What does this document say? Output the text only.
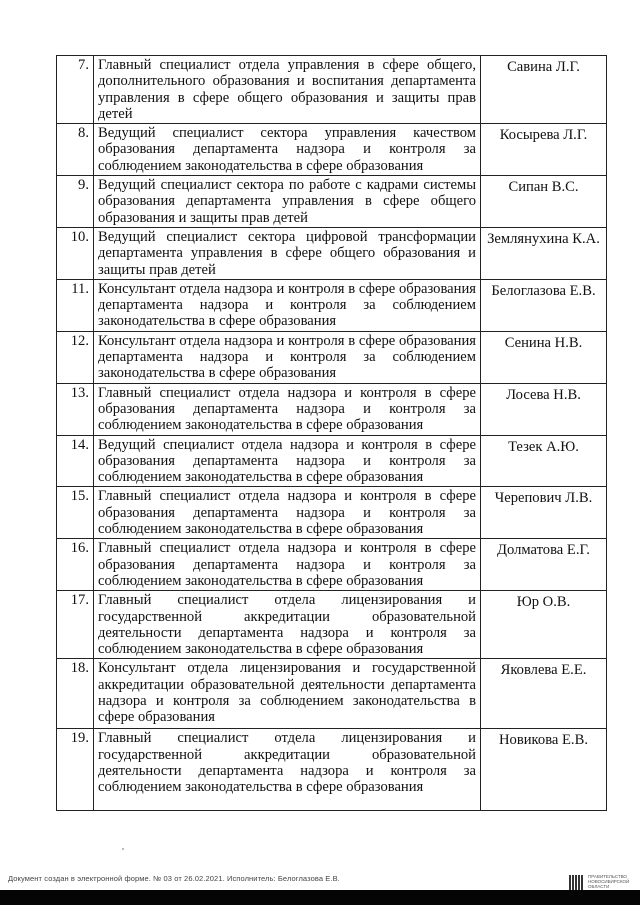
7.	Главный специалист отдела управления в сфере общего, дополнительного образования и воспитания департамента управления в сфере общего образования и защиты прав детей	Савина Л.Г.
8.	Ведущий специалист сектора управления качеством образования департамента надзора и контроля за соблюдением законодательства в сфере образования	Косырева Л.Г.
9.	Ведущий специалист сектора по работе с кадрами системы образования департамента управления в сфере общего образования и защиты прав детей	Сипан В.С.
10.	Ведущий специалист сектора цифровой трансформации департамента управления в сфере общего образования и защиты прав детей	Землянухина К.А.
11.	Консультант отдела надзора и контроля в сфере образования департамента надзора и контроля за соблюдением законодательства в сфере образования	Белоглазова Е.В.
12.	Консультант отдела надзора и контроля в сфере образования департамента надзора и контроля за соблюдением законодательства в сфере образования	Сенина Н.В.
13.	Главный специалист отдела надзора и контроля в сфере образования департамента надзора и контроля за соблюдением законодательства в сфере образования	Лосева Н.В.
14.	Ведущий специалист отдела надзора и контроля в сфере образования департамента надзора и контроля за соблюдением законодательства в сфере образования	Тезек А.Ю.
15.	Главный специалист отдела надзора и контроля в сфере образования департамента надзора и контроля за соблюдением законодательства в сфере образования	Черепович Л.В.
16.	Главный специалист отдела надзора и контроля в сфере образования департамента надзора и контроля за соблюдением законодательства в сфере образования	Долматова Е.Г.
17.	Главный специалист отдела лицензирования и государственной аккредитации образовательной деятельности департамента надзора и контроля за соблюдением законодательства в сфере образования	Юр О.В.
18.	Консультант отдела лицензирования и государственной аккредитации образовательной деятельности департамента надзора и контроля за соблюдением законодательства в сфере образования	Яковлева Е.Е.
19.	Главный специалист отдела лицензирования и государственной аккредитации образовательной деятельности департамента надзора и контроля за соблюдением законодательства в сфере образования	Новикова Е.В.
Документ создан в электронной форме. № 03 от 26.02.2021. Исполнитель: Белоглазова Е.В.	ПРАВИТЕЛЬСТВО НОВОСИБИРСКОЙ ОБЛАСТИ
